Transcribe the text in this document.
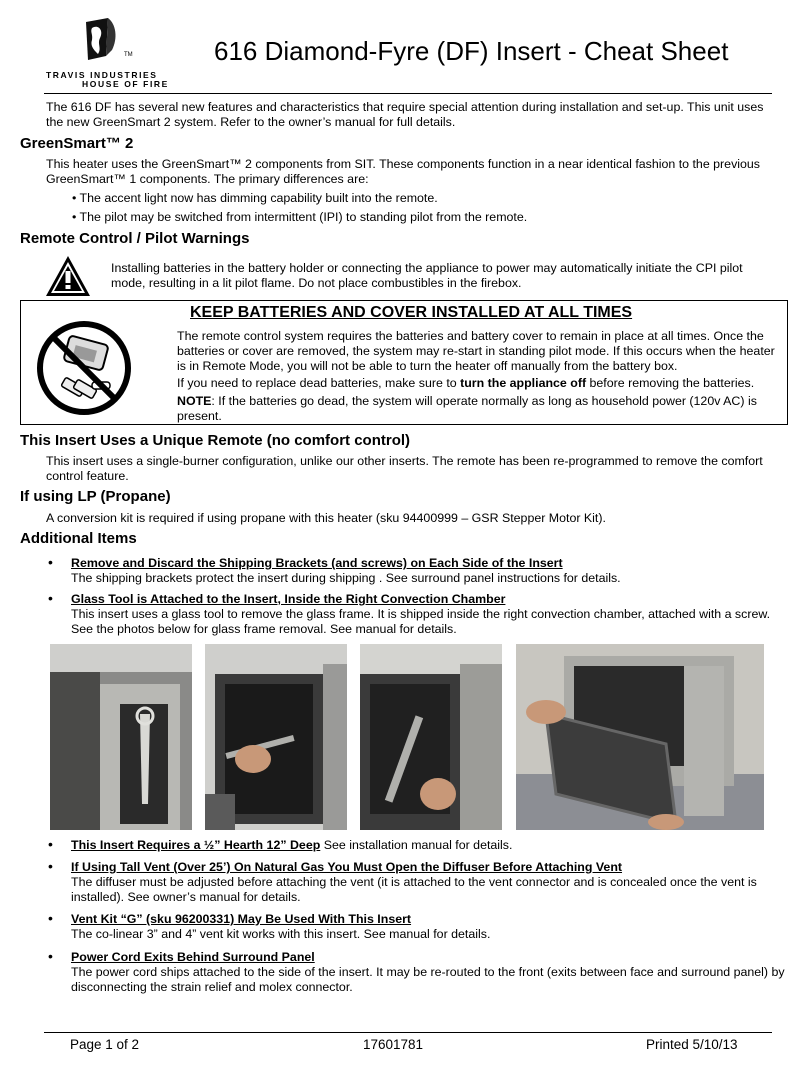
TM
TRAVIS INDUSTRIES
HOUSE OF FIRE
616 Diamond-Fyre (DF) Insert - Cheat Sheet

The 616 DF has several new features and characteristics that require special attention during installation and set-up. This unit uses the new GreenSmart 2 system. Refer to the owner’s manual for full details.

GreenSmart™ 2

This heater uses the GreenSmart™ 2 components from SIT. These components function in a near identical fashion to the previous GreenSmart™ 1 components. The primary differences are:

• The accent light now has dimming capability built into the remote.

• The pilot may be switched from intermittent (IPI) to standing pilot from the remote.

Remote Control / Pilot Warnings

Installing batteries in the battery holder or connecting the appliance to power may automatically initiate the CPI pilot mode, resulting in a lit pilot flame. Do not place combustibles in the firebox.

KEEP BATTERIES AND COVER INSTALLED AT ALL TIMES

The remote control system requires the batteries and battery cover to remain in place at all times. Once the batteries or cover are removed, the system may re-start in standing pilot mode. If this occurs when the heater is in Remote Mode, you will not be able to turn the heater off manually from the battery box.

If you need to replace dead batteries, make sure to turn the appliance off before removing the batteries.

NOTE: If the batteries go dead, the system will operate normally as long as household power (120v AC) is present.

This Insert Uses a Unique Remote (no comfort control)

This insert uses a single-burner configuration, unlike our other inserts. The remote has been re-programmed to remove the comfort control feature.

If using LP (Propane)

A conversion kit is required if using propane with this heater (sku 94400999 – GSR Stepper Motor Kit).

Additional Items
• Remove and Discard the Shipping Brackets (and screws) on Each Side of the Insert
The shipping brackets protect the insert during shipping . See surround panel instructions for details.

• Glass Tool is Attached to the Insert, Inside the Right Convection Chamber
This insert uses a glass tool to remove the glass frame. It is shipped inside the right convection chamber, attached with a screw. See the photos below for glass frame removal. See manual for details.

• This Insert Requires a ½” Hearth 12” Deep See installation manual for details.

• If Using Tall Vent (Over 25’) On Natural Gas You Must Open the Diffuser Before Attaching Vent
The diffuser must be adjusted before attaching the vent (it is attached to the vent connector and is concealed once the vent is installed). See owner’s manual for details.

• Vent Kit “G” (sku 96200331) May Be Used With This Insert
The co-linear 3” and 4” vent kit works with this insert. See manual for details.

• Power Cord Exits Behind Surround Panel
The power cord ships attached to the side of the insert. It may be re-routed to the front (exits between face and surround panel) by disconnecting the strain relief and molex connector.

Page 1 of 2	17601781	Printed 5/10/13
